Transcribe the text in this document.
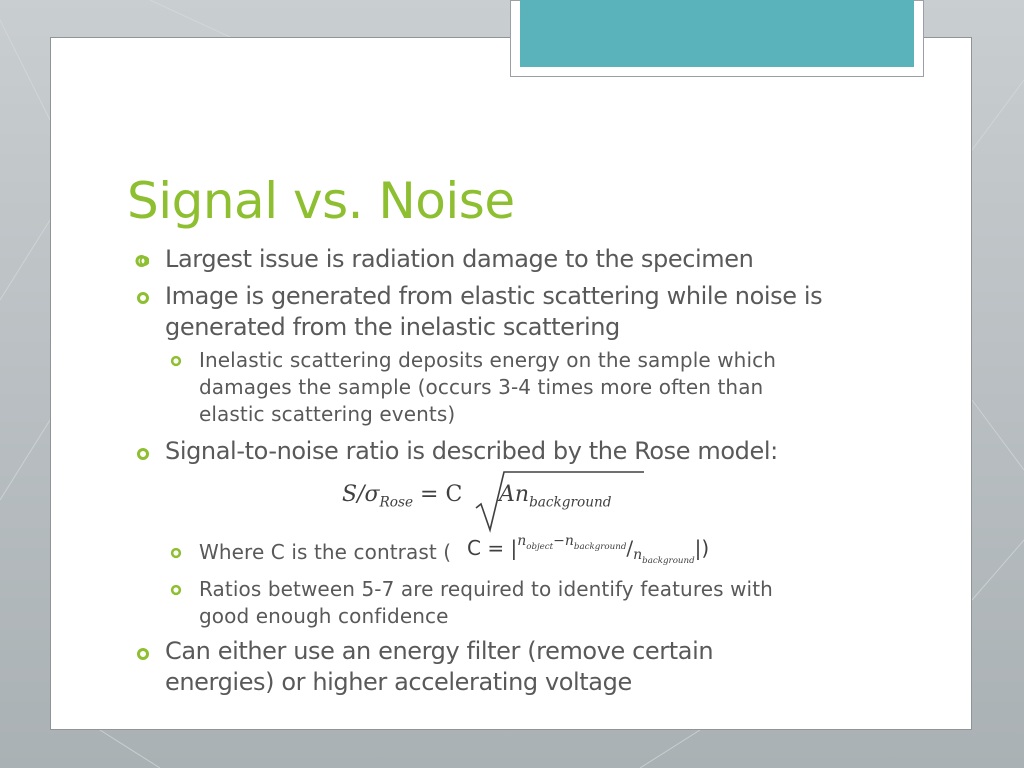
Signal vs. Noise
Largest issue is radiation damage to the specimen
Image is generated from elastic scattering while noise is
generated from the inelastic scattering
Inelastic scattering deposits energy on the sample which
damages the sample (occurs 3-4 times more often than
elastic scattering events)
Signal-to-noise ratio is described by the Rose model:
$S/\sigma_{Rose} = C$ $An_{background}$
Where C is the contrast ( $C = |^{n_{object}-n_{background}}/_{n_{background}}|$)
Ratios between 5-7 are required to identify features with
good enough confidence
Can either use an energy filter (remove certain
energies) or higher accelerating voltage
